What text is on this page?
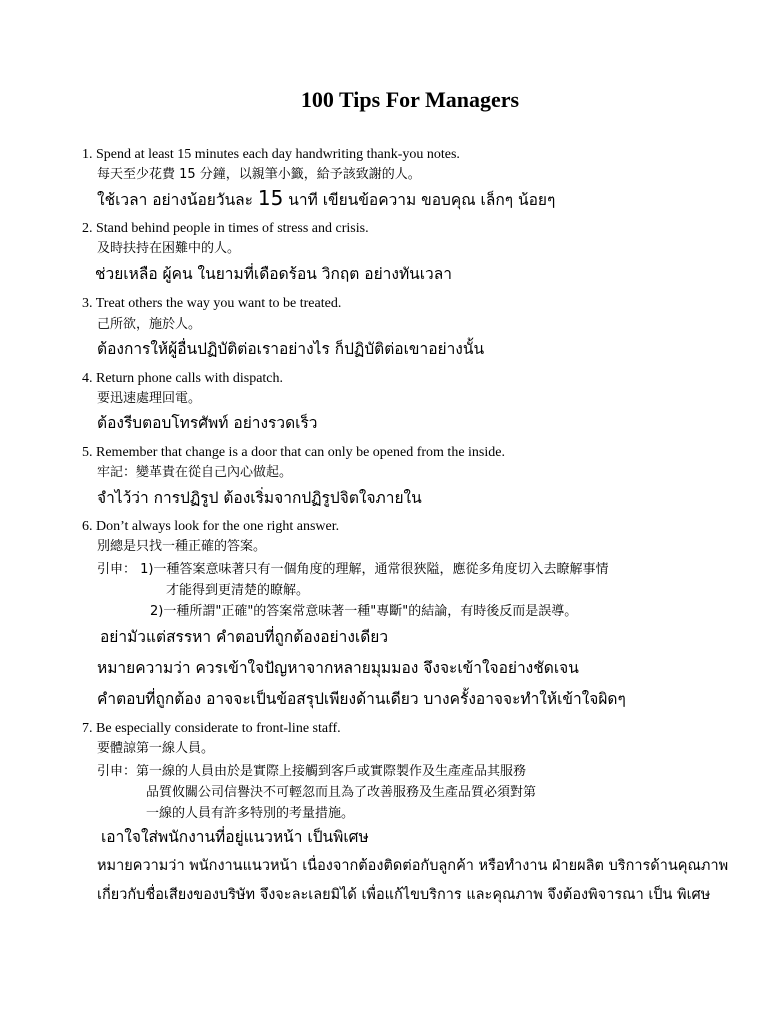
100 Tips For Managers
1. Spend at least 15 minutes each day handwriting thank-you notes.
每天至少花費 15 分鐘，以親筆小籤，給予該致謝的人。
ใช้เวลา อย่างน้อยวันละ 15 นาที เขียนข้อความ ขอบคุณ เล็กๆ น้อยๆ
2. Stand behind people in times of stress and crisis.
及時扶持在困難中的人。
ช่วยเหลือ ผู้คน ในยามที่เดือดร้อน วิกฤต อย่างทันเวลา
3. Treat others the way you want to be treated.
己所欲，施於人。
ต้องการให้ผู้อื่นปฏิบัติต่อเราอย่างไร ก็ปฏิบัติต่อเขาอย่างนั้น
4. Return phone calls with dispatch.
要迅速處理回電。
ต้องรีบตอบโทรศัพท์ อย่างรวดเร็ว
5. Remember that change is a door that can only be opened from the inside.
牢記：變革貴在從自己內心做起。
จำไว้ว่า การปฏิรูป ต้องเริ่มจากปฏิรูปจิตใจภายใน
6. Don’t always look for the one right answer.
別總是只找一種正確的答案。
引申： 1)一種答案意味著只有一個角度的理解，通常很狹隘，應從多角度切入去瞭解事情
才能得到更清楚的瞭解。
2)一種所謂"正確"的答案常意味著一種"專斷"的結論，有時後反而是誤導。
อย่ามัวแต่สรรหา คำตอบที่ถูกต้องอย่างเดียว
หมายความว่า ควรเข้าใจปัญหาจากหลายมุมมอง จึงจะเข้าใจอย่างชัดเจน
คำตอบที่ถูกต้อง อาจจะเป็นข้อสรุปเพียงด้านเดียว บางครั้งอาจจะทำให้เข้าใจผิดๆ
7. Be especially considerate to front-line staff.
要體諒第一線人員。
引申：第一線的人員由於是實際上接觸到客戶或實際製作及生產產品其服務
品質攸關公司信譽決不可輕忽而且為了改善服務及生產品質必須對第
一線的人員有許多特別的考量措施。
เอาใจใส่พนักงานที่อยู่แนวหน้า เป็นพิเศษ
หมายความว่า พนักงานแนวหน้า เนื่องจากต้องติดต่อกับลูกค้า หรือทำงาน ฝ่ายผลิต บริการด้านคุณภาพ
เกี่ยวกับชื่อเสียงของบริษัท จึงจะละเลยมิได้ เพื่อแก้ไขบริการ และคุณภาพ จึงต้องพิจารณา เป็น พิเศษ
